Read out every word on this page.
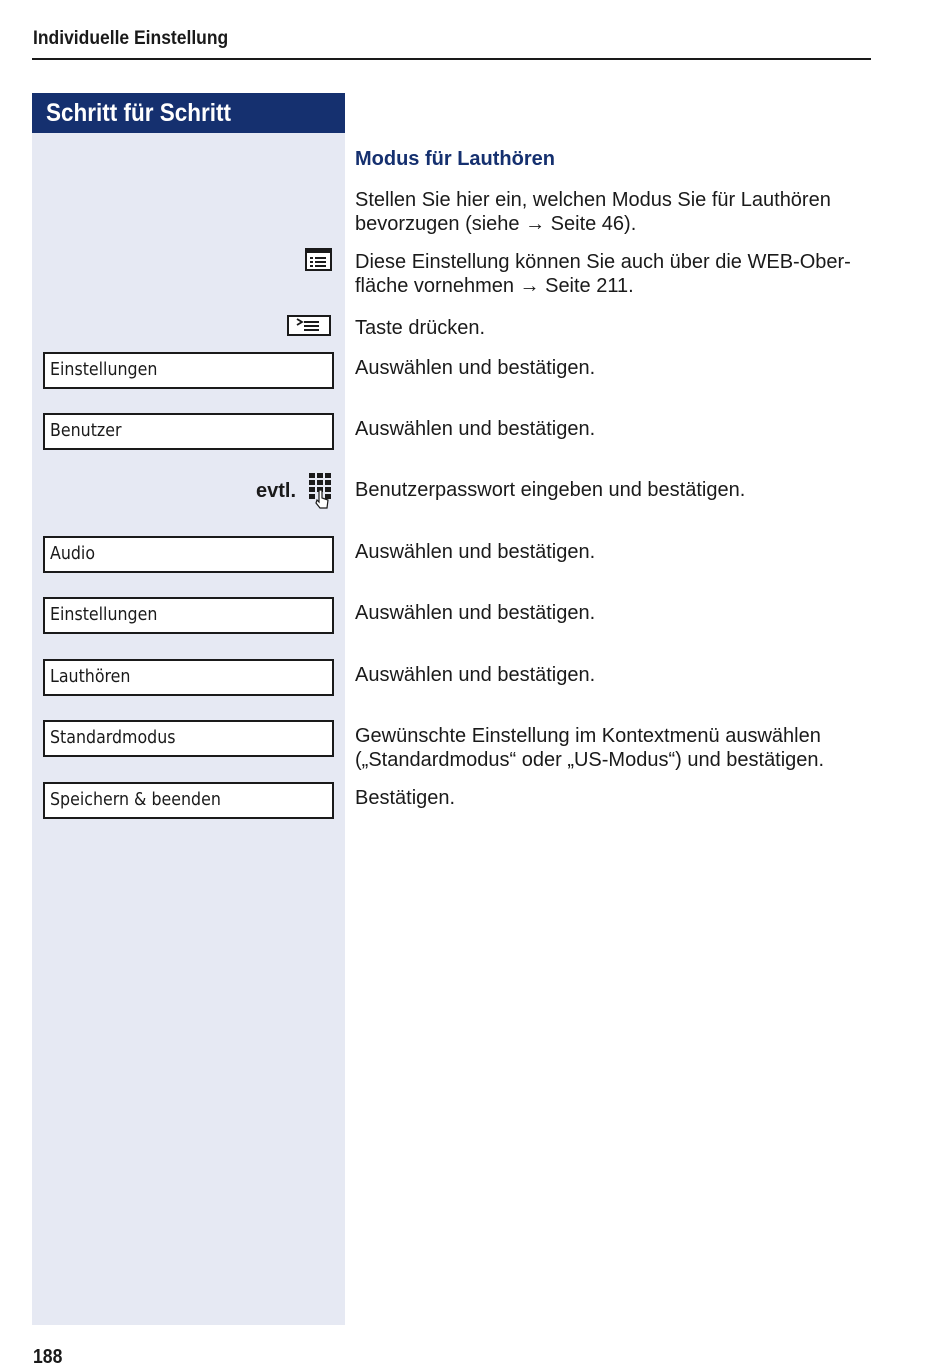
Individuelle Einstellung
Schritt für Schritt
Modus für Lauthören
Stellen Sie hier ein, welchen Modus Sie für Lauthören
bevorzugen (siehe → Seite 46).
Diese Einstellung können Sie auch über die WEB-Ober-
fläche vornehmen → Seite 211.
Taste drücken.
Einstellungen	Auswählen und bestätigen.
Benutzer	Auswählen und bestätigen.
evtl.	Benutzerpasswort eingeben und bestätigen.
Audio	Auswählen und bestätigen.
Einstellungen	Auswählen und bestätigen.
Lauthören	Auswählen und bestätigen.
Standardmodus	Gewünschte Einstellung im Kontextmenü auswählen
(„Standardmodus“ oder „US-Modus“) und bestätigen.
Speichern & beenden	Bestätigen.
188
